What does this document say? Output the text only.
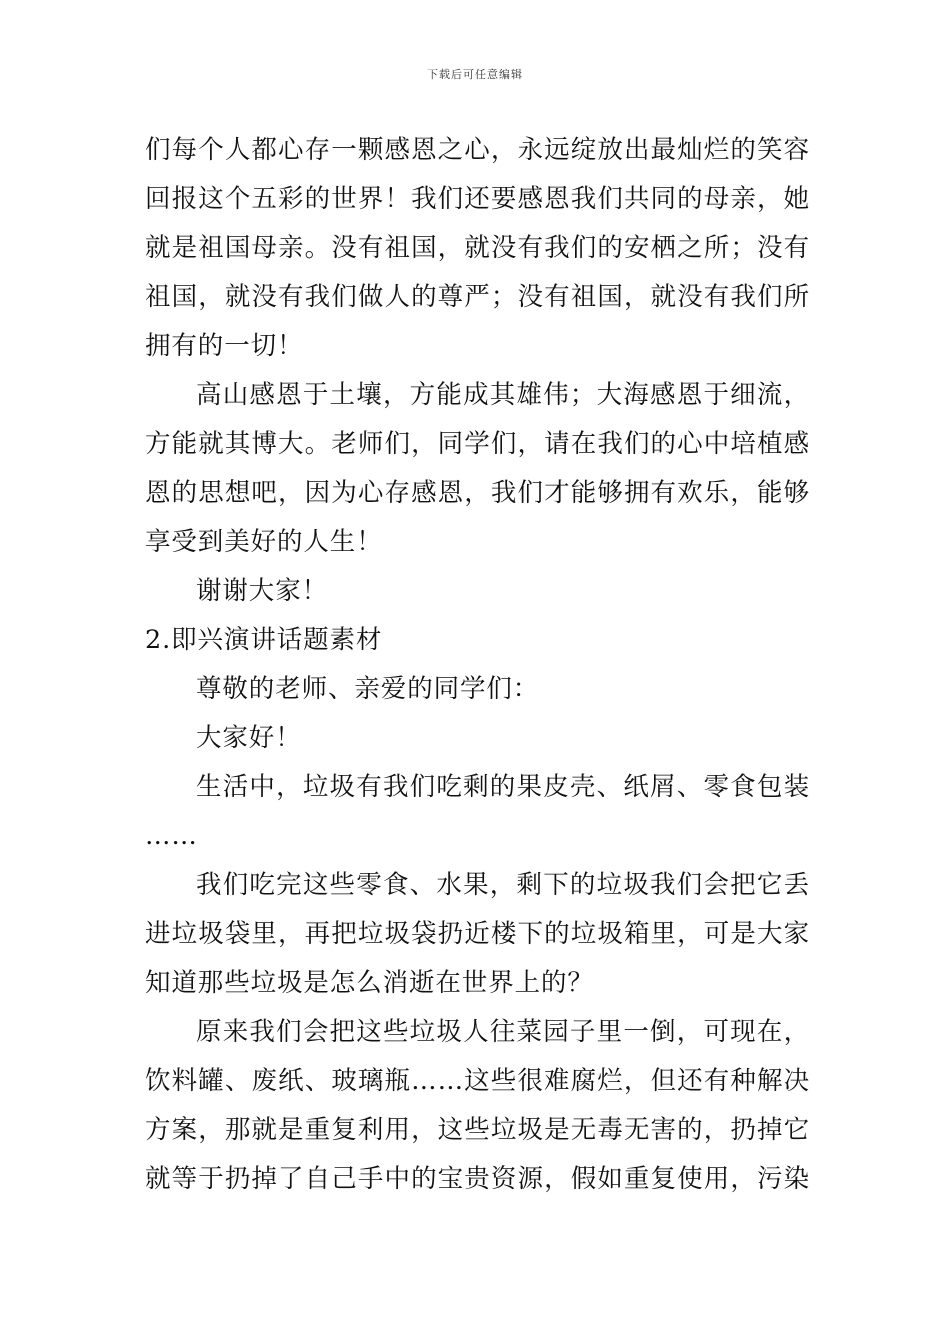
下载后可任意编辑
们每个人都心存一颗感恩之心，永远绽放出最灿烂的笑容
回报这个五彩的世界！我们还要感恩我们共同的母亲，她
就是祖国母亲。没有祖国，就没有我们的安栖之所；没有
祖国，就没有我们做人的尊严；没有祖国，就没有我们所
拥有的一切！
高山感恩于土壤，方能成其雄伟；大海感恩于细流，
方能就其博大。老师们，同学们，请在我们的心中培植感
恩的思想吧，因为心存感恩，我们才能够拥有欢乐，能够
享受到美好的人生！
谢谢大家！
2.即兴演讲话题素材
尊敬的老师、亲爱的同学们：
大家好！
生活中，垃圾有我们吃剩的果皮壳、纸屑、零食包装
……
我们吃完这些零食、水果，剩下的垃圾我们会把它丢
进垃圾袋里，再把垃圾袋扔近楼下的垃圾箱里，可是大家
知道那些垃圾是怎么消逝在世界上的？
原来我们会把这些垃圾人往菜园子里一倒，可现在，
饮料罐、废纸、玻璃瓶……这些很难腐烂，但还有种解决
方案，那就是重复利用，这些垃圾是无毒无害的，扔掉它
就等于扔掉了自己手中的宝贵资源，假如重复使用，污染
